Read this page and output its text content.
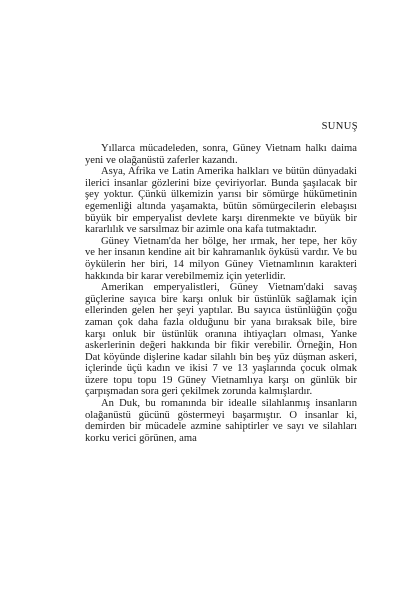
SUNUŞ

Yıllarca mücadeleden, sonra, Güney Vietnam halkı daima yeni ve olağanüstü zaferler kazandı.

Asya, Afrika ve Latin Amerika halkları ve bütün dünyadaki ilerici insanlar gözlerini bize çeviriyorlar. Bunda şaşılacak bir şey yoktur. Çünkü ülkemizin yarısı bir sömürge hükümetinin egemenliği altında yaşamakta, bütün sömürgecilerin elebaşısı büyük bir emperyalist devlete karşı direnmekte ve büyük bir kararlılık ve sarsılmaz bir azimle ona kafa tutmaktadır.

Güney Vietnam'da her bölge, her ırmak, her tepe, her köy ve her insanın kendine ait bir kahramanlık öyküsü vardır. Ve bu öykülerin her biri, 14 milyon Güney Vietnamlının karakteri hakkında bir karar verebilmemiz için yeterlidir.

Amerikan emperyalistleri, Güney Vietnam'daki savaş güçlerine sayıca bire karşı onluk bir üstünlük sağlamak için ellerinden gelen her şeyi yaptılar. Bu sayıca üstünlüğün çoğu zaman çok daha fazla olduğunu bir yana bıraksak bile, bire karşı onluk bir üstünlük oranına ihtiyaçları olması, Yanke askerlerinin değeri hakkında bir fikir verebilir. Örneğin, Hon Dat köyünde dişlerine kadar silahlı bin beş yüz düşman askeri, içlerinde üçü kadın ve ikisi 7 ve 13 yaşlarında çocuk olmak üzere topu topu 19 Güney Vietnamlıya karşı on günlük bir çarpışmadan sora geri çekilmek zorunda kalmışlardır.

An Duk, bu romanında bir idealle silahlanmış insanların olağanüstü gücünü göstermeyi başarmıştır. O insanlar ki, demirden bir mücadele azmine sahiptirler ve sayı ve silahları korku verici görünen, ama
